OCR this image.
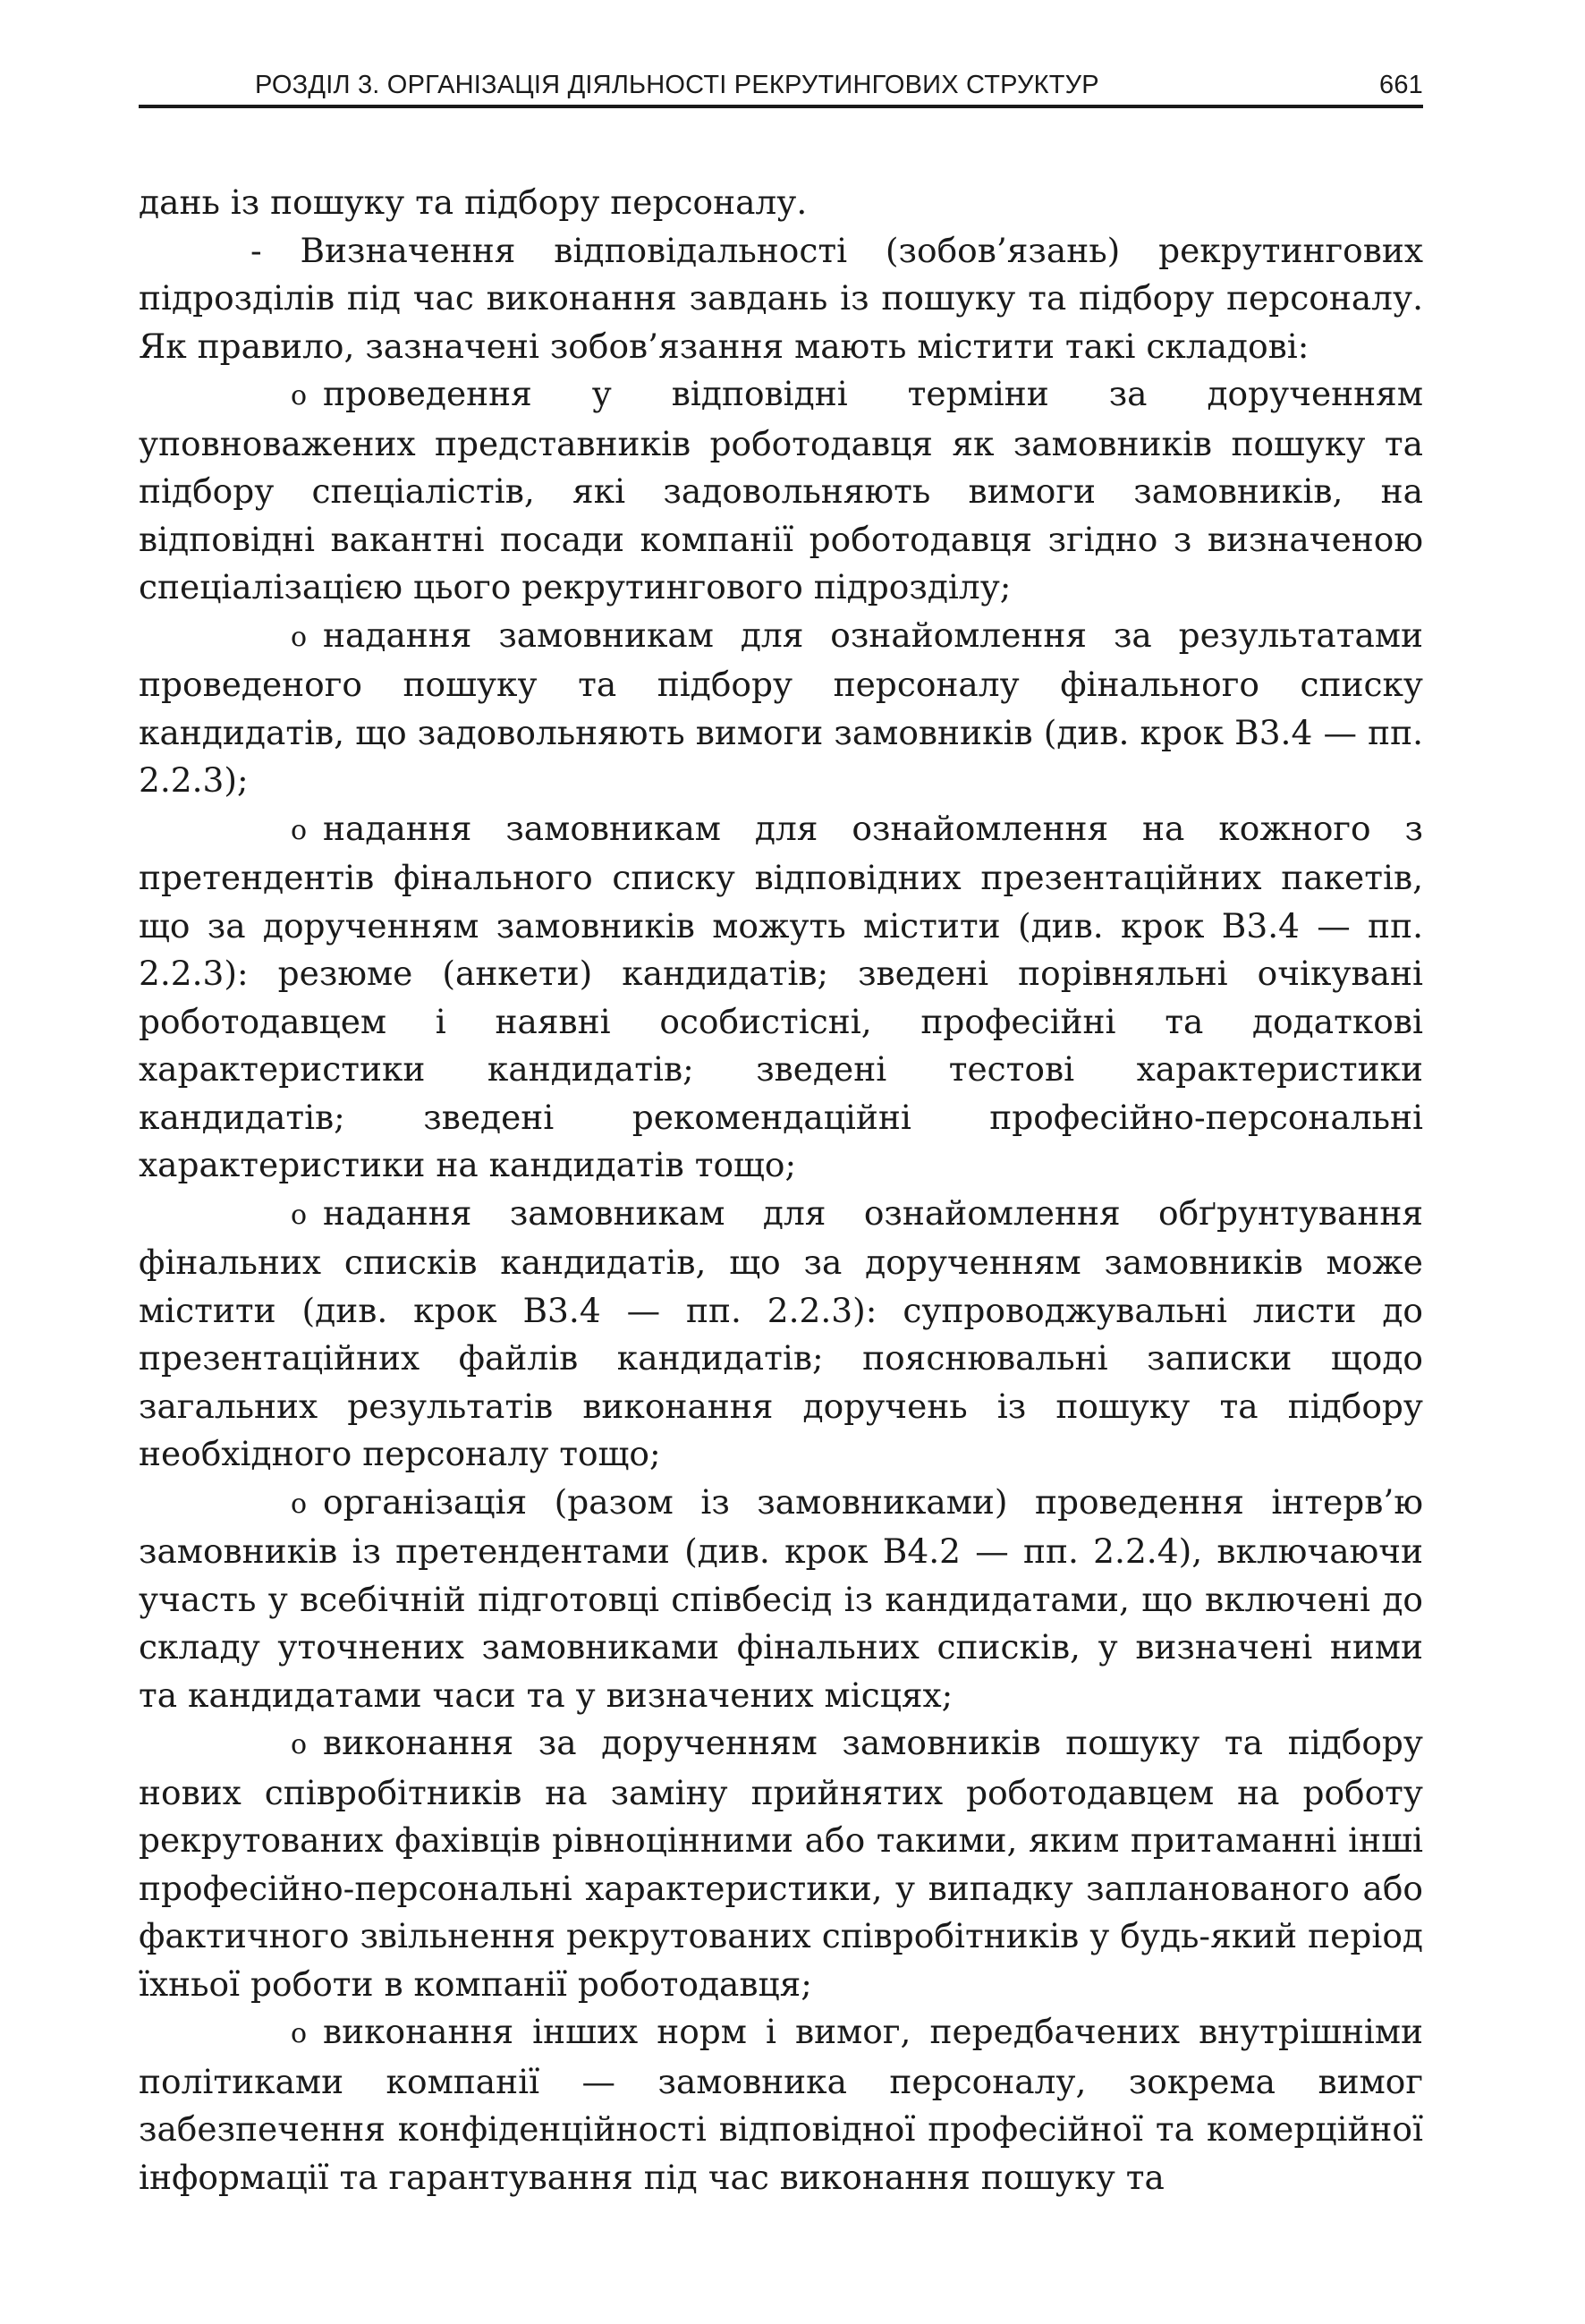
РОЗДІЛ 3. ОРГАНІЗАЦІЯ ДІЯЛЬНОСТІ РЕКРУТИНГОВИХ СТРУКТУР	661

дань із пошуку та підбору персоналу.

- Визначення відповідальності (зобов’язань) рекрутингових підрозділів під час виконання завдань із пошуку та підбору персоналу. Як правило, зазначені зобов’язання мають містити такі складові:

o проведення у відповідні терміни за дорученням уповноважених представників роботодавця як замовників пошуку та підбору спеціалістів, які задовольняють вимоги замовників, на відповідні вакантні посади компанії роботодавця згідно з визначеною спеціалізацією цього рекрутингового підрозділу;

o надання замовникам для ознайомлення за результатами проведеного пошуку та підбору персоналу фінального списку кандидатів, що задовольняють вимоги замовників (див. крок В3.4 — пп. 2.2.3);

o надання замовникам для ознайомлення на кожного з претендентів фінального списку відповідних презентаційних пакетів, що за дорученням замовників можуть містити (див. крок В3.4 — пп. 2.2.3): резюме (анкети) кандидатів; зведені порівняльні очікувані роботодавцем і наявні особистісні, професійні та додаткові характеристики кандидатів; зведені тестові характеристики кандидатів; зведені рекомендаційні професійно-персональні характеристики на кандидатів тощо;

o надання замовникам для ознайомлення обґрунтування фінальних списків кандидатів, що за дорученням замовників може містити (див. крок В3.4 — пп. 2.2.3): супроводжувальні листи до презентаційних файлів кандидатів; пояснювальні записки щодо загальних результатів виконання доручень із пошуку та підбору необхідного персоналу тощо;

o організація (разом із замовниками) проведення інтерв’ю замовників із претендентами (див. крок В4.2 — пп. 2.2.4), включаючи участь у всебічній підготовці співбесід із кандидатами, що включені до складу уточнених замовниками фінальних списків, у визначені ними та кандидатами часи та у визначених місцях;

o виконання за дорученням замовників пошуку та підбору нових співробітників на заміну прийнятих роботодавцем на роботу рекрутованих фахівців рівноцінними або такими, яким притаманні інші професійно-персональні характеристики, у випадку запланованого або фактичного звільнення рекрутованих співробітників у будь-який період їхньої роботи в компанії роботодавця;

o виконання інших норм і вимог, передбачених внутрішніми політиками компанії — замовника персоналу, зокрема вимог забезпечення конфіденційності відповідної професійної та комерційної інформації та гарантування під час виконання пошуку та
